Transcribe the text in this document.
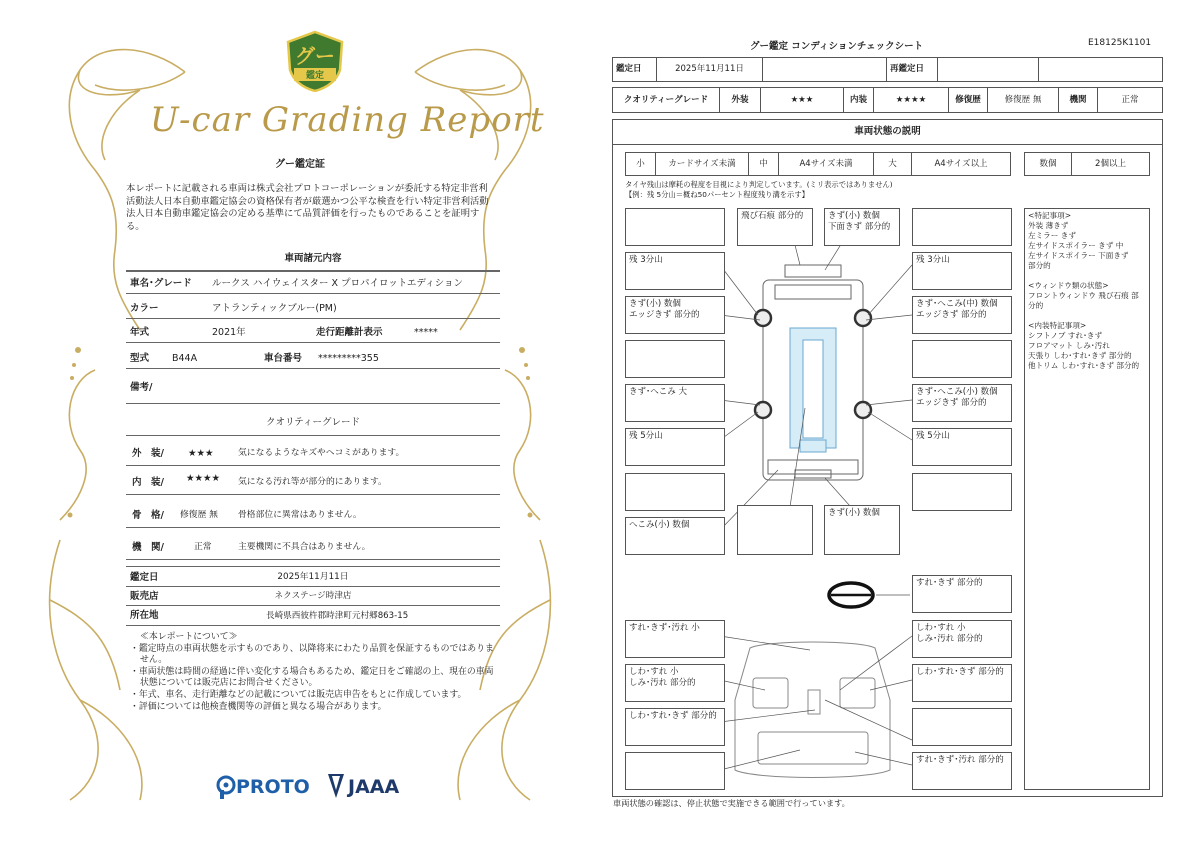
グー
鑑定
U-car Grading Report
グー鑑定証
本レポートに記載される車両は株式会社プロトコーポレーションが委託する特定非営利活動法人日本自動車鑑定協会の資格保有者が厳選かつ公平な検査を行い特定非営利活動法人日本自動車鑑定協会の定める基準にて品質評価を行ったものであることを証明する。
車両諸元内容
車名･グレード ルークス ハイウェイスター X プロパイロットエディション
カラー	アトランティックブルー(PM)
年式	2021年	走行距離計表示	*****
型式 B44A	車台番号 *********355
備考/
クオリティーグレード
外　装/	★★★	気になるようなキズやヘコミがあります。
内　装/ ★★★★ 気になる汚れ等が部分的にあります。
骨　格/ 修復歴 無 骨格部位に異常はありません。
機　関/	正常	主要機関に不具合はありません。
鑑定日	2025年11月11日
販売店	ネクステージ時津店
所在地	長崎県西彼杵郡時津町元村郷863-15

≪本レポートについて≫

・鑑定時点の車両状態を示すものであり、以降将来にわたり品質を保証するものではありません。
・車両状態は時間の経過に伴い変化する場合もあるため、鑑定日をご確認の上、現在の車両状態については販売店にお問合せください。
・年式、車名、走行距離などの記載については販売店申告をもとに作成しています。
・評価については他検査機関等の評価と異なる場合があります。
PROTO JAAA
グー鑑定 コンディションチェックシート	E18125K1101
鑑定日	2025年11月11日	再鑑定日
クオリティーグレード	外装	★★★	内装	★★★★	修復歴	修復歴 無	機関	正常
車両状態の説明
小	カードサイズ未満	中	A4サイズ未満	大	A4サイズ以上	数個	2個以上
タイヤ残山は摩耗の程度を目視により判定しています。(ミリ表示ではありません)
【例：残 5分山＝概ね50パーセント程度残り溝を示す】
飛び石痕 部分的	きず(小) 数個
下面きず 部分的
残 3分山	残 3分山
きず(小) 数個
エッジきず 部分的
きず･へこみ(中) 数個
エッジきず 部分的
きず･へこみ 大	きず･へこみ(小) 数個
エッジきず 部分的
残 5分山	残 5分山
へこみ(小) 数個
きず(小) 数個
すれ･きず 部分的
すれ･きず･汚れ 小	しわ･すれ 小
しみ･汚れ 部分的
しわ･すれ 小
しみ･汚れ 部分的
しわ･すれ･きず 部分的
しわ･すれ･きず 部分的
すれ･きず･汚れ 部分的
<特記事項>
外装 薄きず
左ミラー きず
左サイドスポイラー きず 中
左サイドスポイラー 下面きず
部分的
<ウィンドウ類の状態>
フロントウィンドウ 飛び石痕 部分的
<内装特記事項>
シフトノブ すれ･きず
フロアマット しみ･汚れ
天張り しわ･すれ･きず 部分的
他トリム しわ･すれ･きず 部分的
車両状態の確認は、停止状態で実施できる範囲で行っています。
